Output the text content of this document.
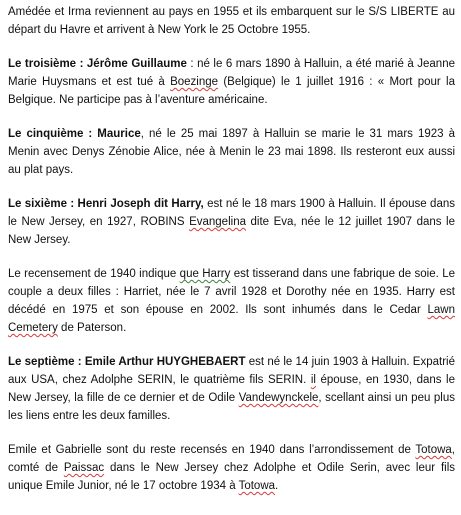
Amédée et Irma reviennent au pays en 1955 et ils embarquent sur le S/S LIBERTE au départ du Havre et arrivent à New York le 25 Octobre 1955.

Le troisième : Jérôme Guillaume : né le 6 mars 1890 à Halluin, a été marié à Jeanne Marie Huysmans et est tué à Boezinge (Belgique) le 1 juillet 1916 : « Mort pour la Belgique. Ne participe pas à l’aventure américaine.

Le cinquième : Maurice, né le 25 mai 1897 à Halluin se marie le 31 mars 1923 à Menin avec Denys Zénobie Alice, née à Menin le 23 mai 1898. Ils resteront eux aussi au plat pays.

Le sixième : Henri Joseph dit Harry, est né le 18 mars 1900 à Halluin. Il épouse dans le New Jersey, en 1927, ROBINS Evangelina dite Eva, née le 12 juillet 1907 dans le New Jersey.

Le recensement de 1940 indique que Harry est tisserand dans une fabrique de soie. Le couple a deux filles : Harriet, née le 7 avril 1928 et Dorothy née en 1935. Harry est décédé en 1975 et son épouse en 2002. Ils sont inhumés dans le Cedar Lawn Cemetery de Paterson.

Le septième : Emile Arthur HUYGHEBAERT est né le 14 juin 1903 à Halluin. Expatrié aux USA, chez Adolphe SERIN, le quatrième fils SERIN. il épouse, en 1930, dans le New Jersey, la fille de ce dernier et de Odile Vandewynckele, scellant ainsi un peu plus les liens entre les deux familles.

Emile et Gabrielle sont du reste recensés en 1940 dans l’arrondissement de Totowa, comté de Paissac dans le New Jersey chez Adolphe et Odile Serin, avec leur fils unique Emile Junior, né le 17 octobre 1934 à Totowa.
